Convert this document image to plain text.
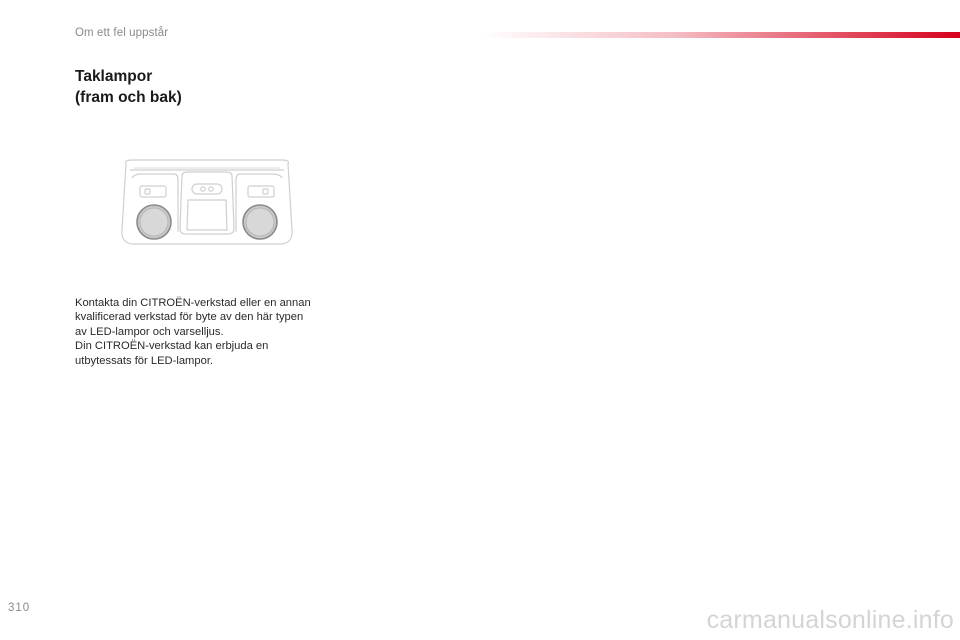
Om ett fel uppstår
Taklampor
(fram och bak)
Kontakta din CITROËN-verkstad eller en annan
kvalificerad verkstad för byte av den här typen
av LED-lampor och varselljus.
Din CITROËN-verkstad kan erbjuda en
utbytessats för LED-lampor.
310	carmanualsonline.info
